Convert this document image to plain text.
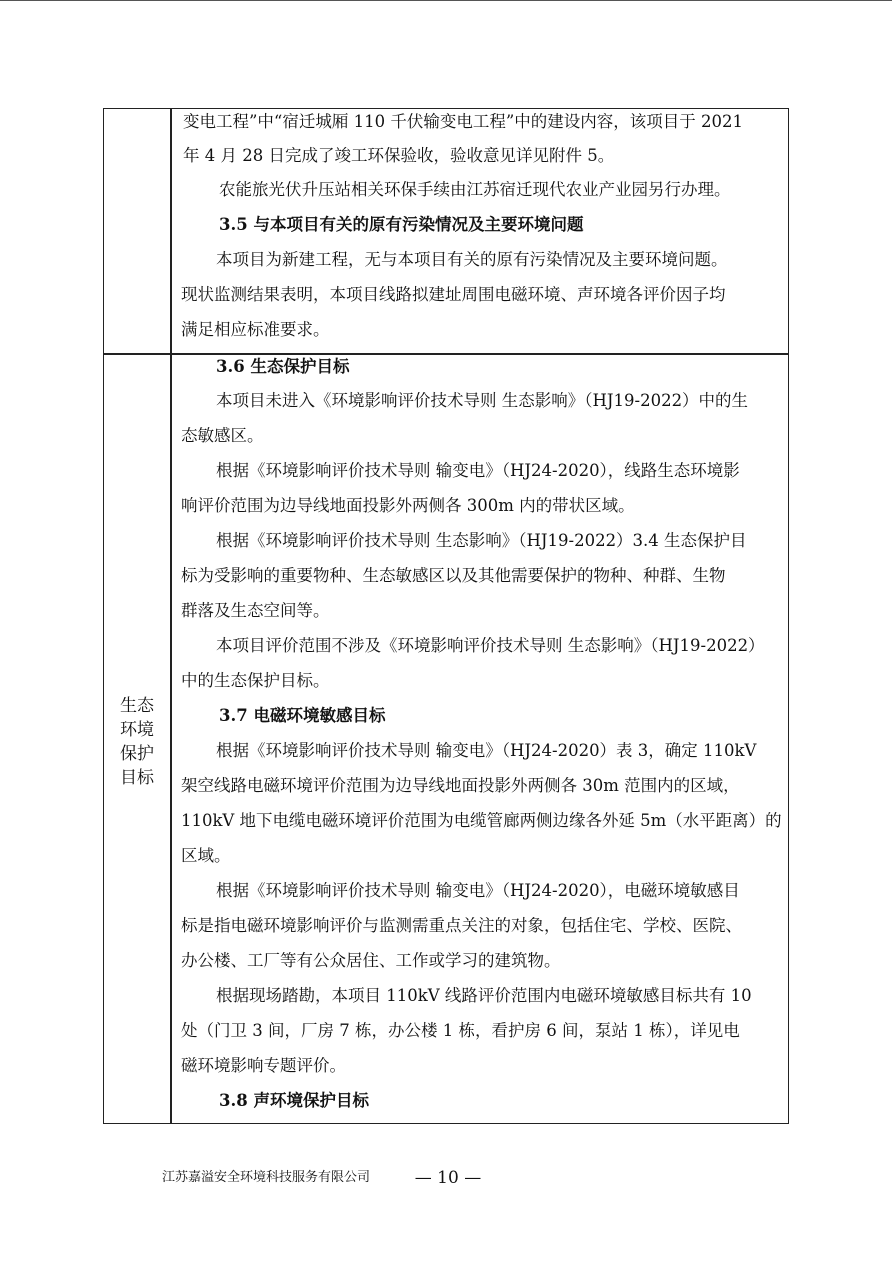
生态
环境
保护
目标
变电工程”中“宿迁城厢 110 千伏输变电工程”中的建设内容，该项目于 2021
年 4 月 28 日完成了竣工环保验收，验收意见详见附件 5。
农能旅光伏升压站相关环保手续由江苏宿迁现代农业产业园另行办理。
3.5 与本项目有关的原有污染情况及主要环境问题
本项目为新建工程，无与本项目有关的原有污染情况及主要环境问题。
现状监测结果表明，本项目线路拟建址周围电磁环境、声环境各评价因子均
满足相应标准要求。
3.6 生态保护目标
本项目未进入《环境影响评价技术导则 生态影响》（HJ19-2022）中的生
态敏感区。
根据《环境影响评价技术导则 输变电》（HJ24-2020），线路生态环境影
响评价范围为边导线地面投影外两侧各 300m 内的带状区域。
根据《环境影响评价技术导则 生态影响》（HJ19-2022）3.4 生态保护目
标为受影响的重要物种、生态敏感区以及其他需要保护的物种、种群、生物
群落及生态空间等。
本项目评价范围不涉及《环境影响评价技术导则 生态影响》（HJ19-2022）
中的生态保护目标。
3.7 电磁环境敏感目标
根据《环境影响评价技术导则 输变电》（HJ24-2020）表 3，确定 110kV
架空线路电磁环境评价范围为边导线地面投影外两侧各 30m 范围内的区域，
110kV 地下电缆电磁环境评价范围为电缆管廊两侧边缘各外延 5m（水平距离）的
区域。
根据《环境影响评价技术导则 输变电》（HJ24-2020），电磁环境敏感目
标是指电磁环境影响评价与监测需重点关注的对象，包括住宅、学校、医院、
办公楼、工厂等有公众居住、工作或学习的建筑物。
根据现场踏勘，本项目 110kV 线路评价范围内电磁环境敏感目标共有 10
处（门卫 3 间，厂房 7 栋，办公楼 1 栋，看护房 6 间，泵站 1 栋），详见电
磁环境影响专题评价。
3.8 声环境保护目标
江苏嘉溢安全环境科技服务有限公司	— 10 —
